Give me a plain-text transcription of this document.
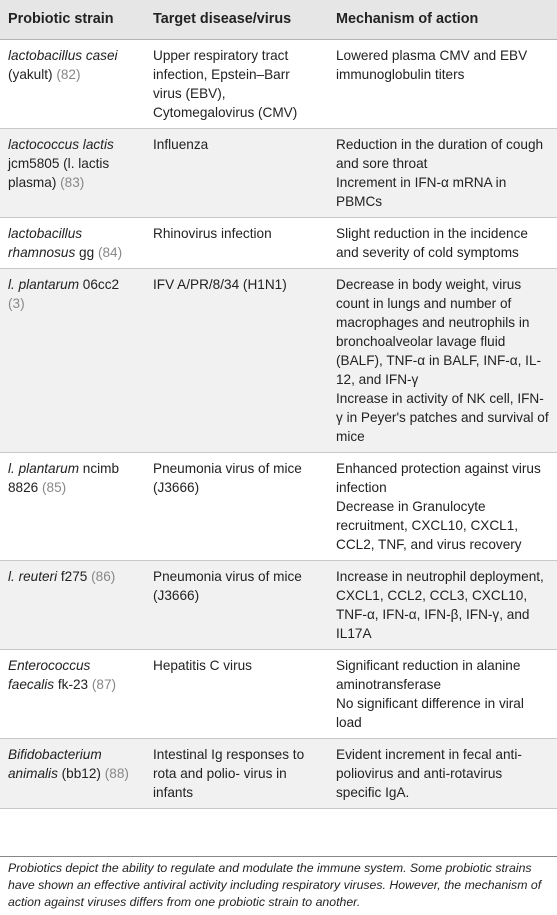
Probiotic strain	Target disease/virus	Mechanism of action
lactobacillus casei (yakult) (82)	Upper respiratory tract infection, Epstein–Barr virus (EBV), Cytomegalovirus (CMV)	Lowered plasma CMV and EBV immunoglobulin titers

lactococcus lactis jcm5805 (l. lactis plasma) (83)	Influenza	Reduction in the duration of cough and sore throat
Increment in IFN-α mRNA in PBMCs

lactobacillus rhamnosus gg (84)	Rhinovirus infection	Slight reduction in the incidence and severity of cold symptoms

l. plantarum 06cc2 (3)	IFV A/PR/8/34 (H1N1)	Decrease in body weight, virus count in lungs and number of macrophages and neutrophils in bronchoalveolar lavage fluid (BALF), TNF-α in BALF, INF-α, IL-12, and IFN-γ
Increase in activity of NK cell, IFN-γ in Peyer's patches and survival of mice

l. plantarum ncimb 8826 (85)	Pneumonia virus of mice (J3666)	Enhanced protection against virus infection
Decrease in Granulocyte recruitment, CXCL10, CXCL1, CCL2, TNF, and virus recovery

l. reuteri f275 (86)	Pneumonia virus of mice (J3666)	Increase in neutrophil deployment, CXCL1, CCL2, CCL3, CXCL10, TNF-α, IFN-α, IFN-β, IFN-γ, and IL17A

Enterococcus faecalis fk-23 (87)	Hepatitis C virus	Significant reduction in alanine aminotransferase
No significant difference in viral load

Bifidobacterium animalis (bb12) (88)	Intestinal Ig responses to rota and polio- virus in infants	Evident increment in fecal anti-poliovirus and anti-rotavirus specific IgA.
Probiotics depict the ability to regulate and modulate the immune system. Some probiotic strains have shown an effective antiviral activity including respiratory viruses. However, the mechanism of action against viruses differs from one probiotic strain to another.
